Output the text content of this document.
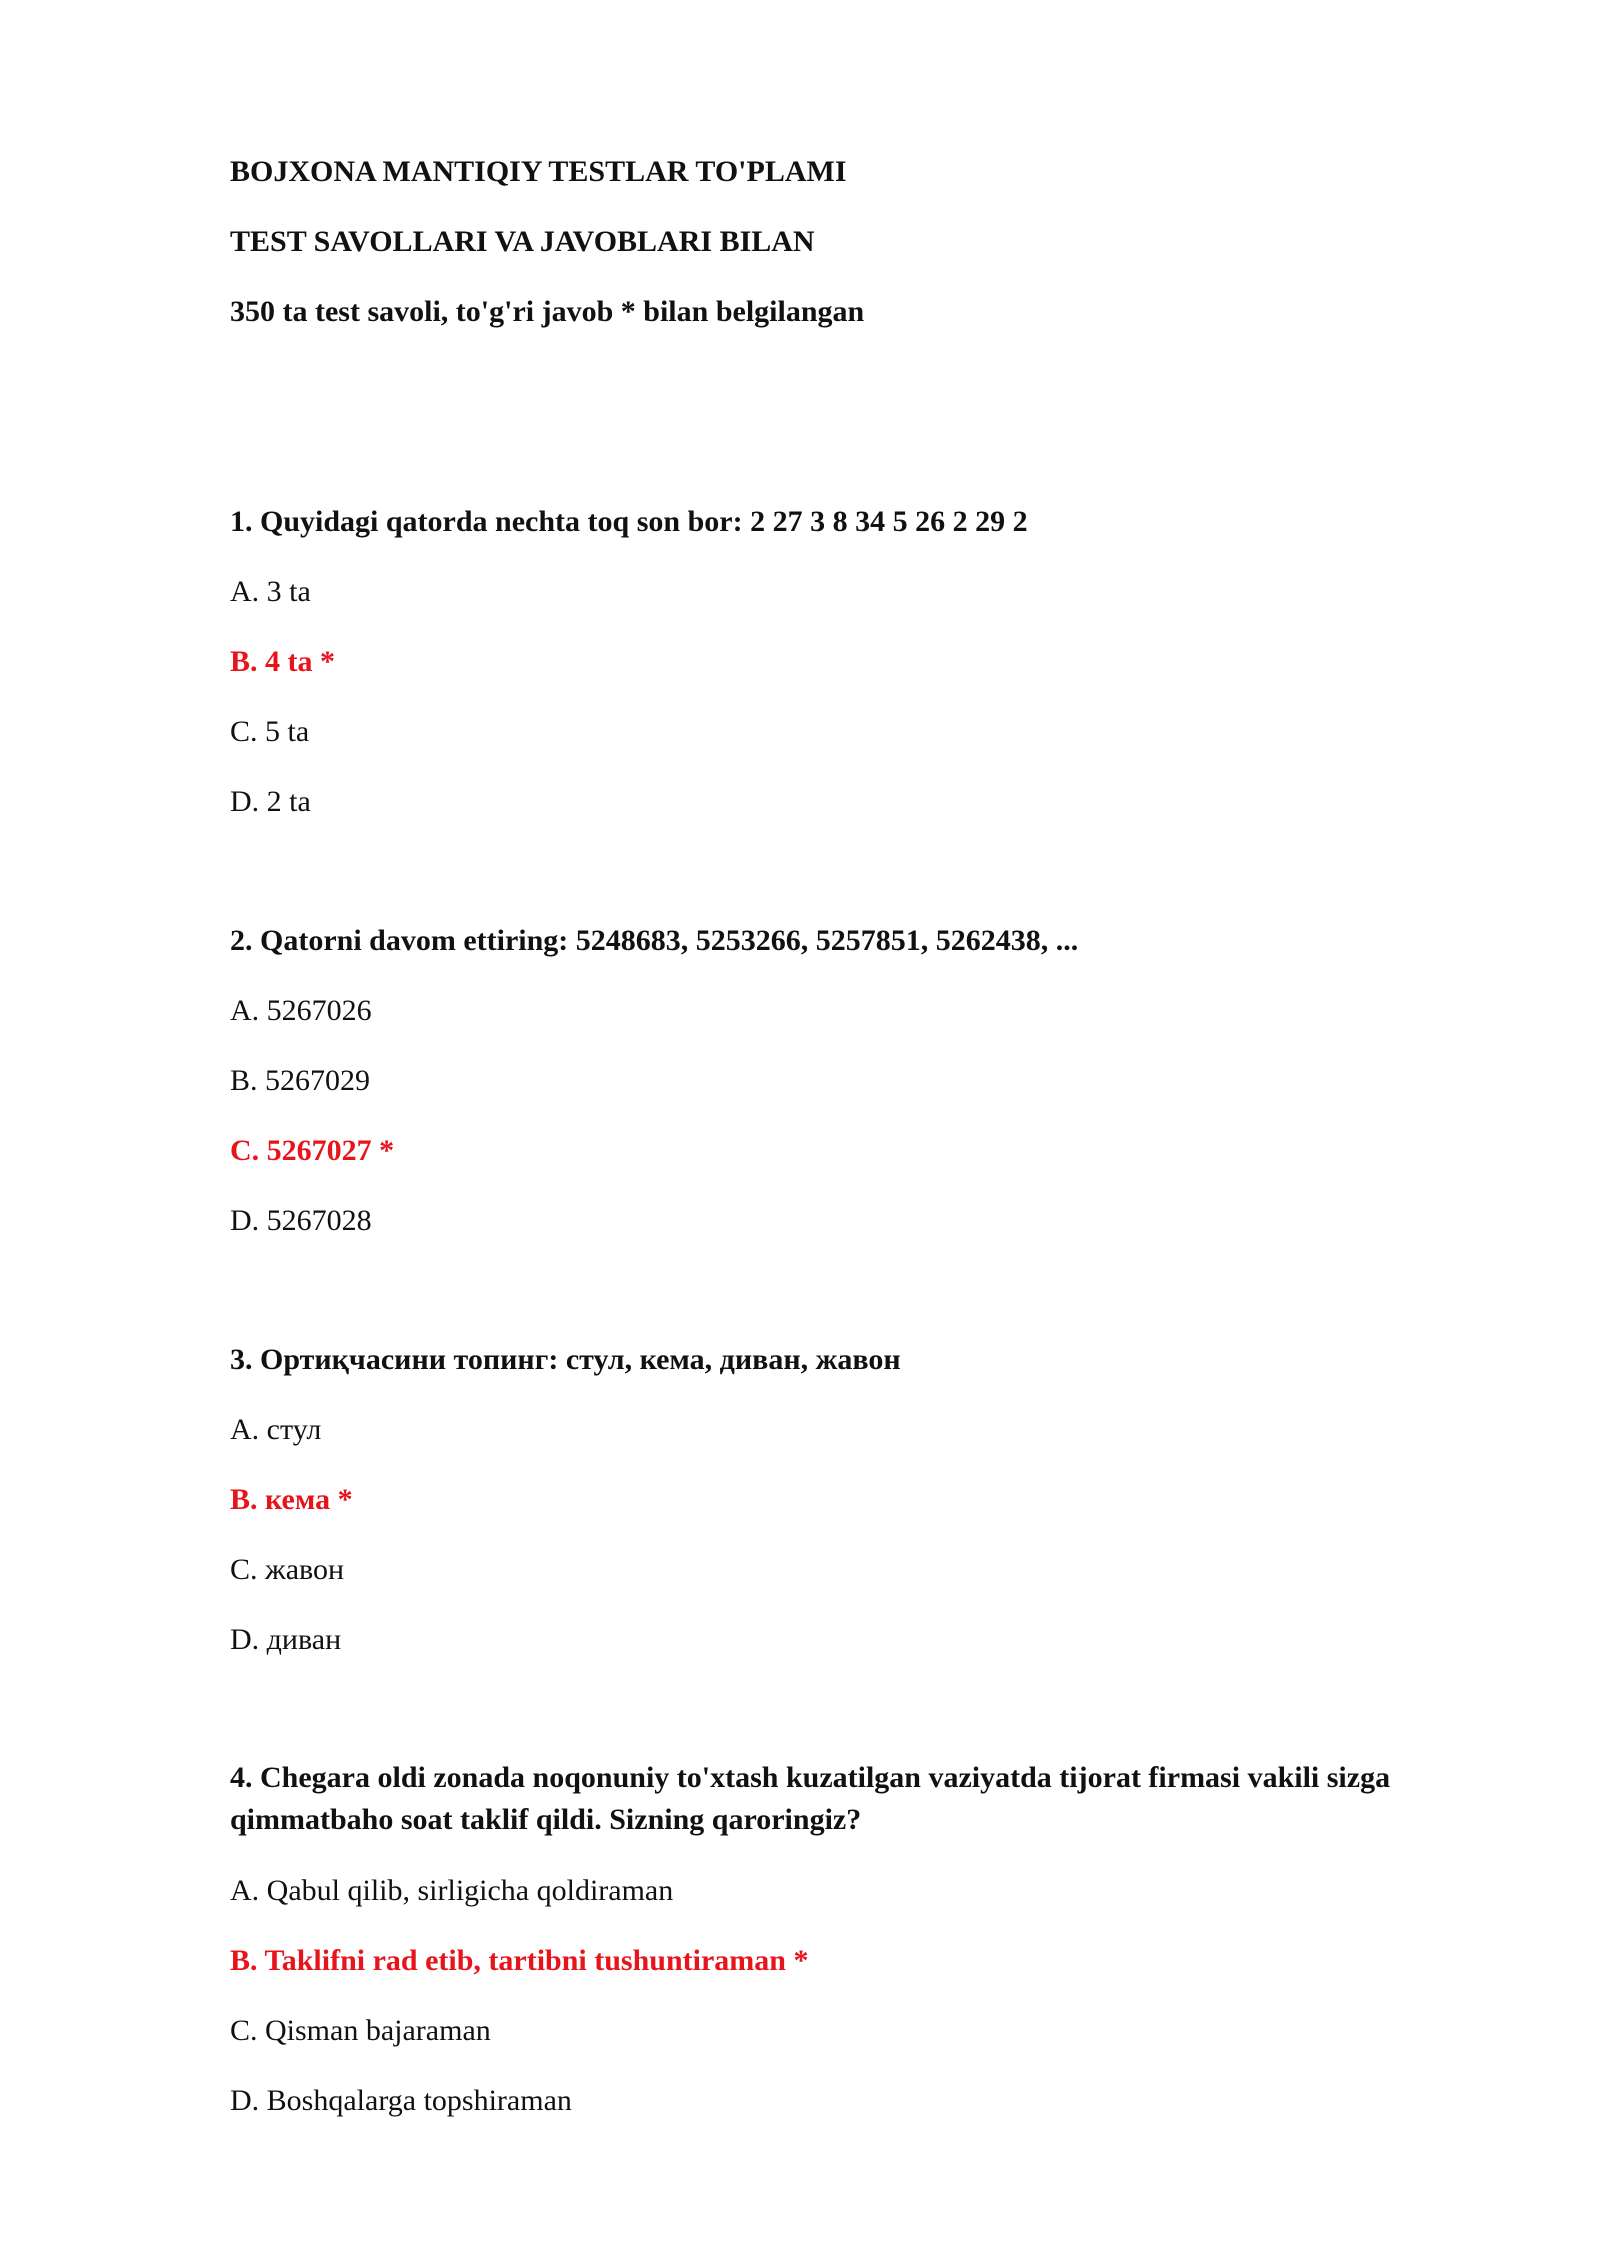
BOJXONA MANTIQIY TESTLAR TO'PLAMI
TEST SAVOLLARI VA JAVOBLARI BILAN
350 ta test savoli, to'g'ri javob * bilan belgilangan
1. Quyidagi qatorda nechta toq son bor: 2 27 3 8 34 5 26 2 29 2
A. 3 ta
B. 4 ta *
C. 5 ta
D. 2 ta
2. Qatorni davom ettiring: 5248683, 5253266, 5257851, 5262438, ...
A. 5267026
B. 5267029
C. 5267027 *
D. 5267028
3. Ортиқчасини топинг: стул, кема, диван, жавон
A. стул
B. кема *
C. жавон
D. диван
4. Chegara oldi zonada noqonuniy to'xtash kuzatilgan vaziyatda tijorat firmasi vakili sizga qimmatbaho soat taklif qildi. Sizning qaroringiz?
A. Qabul qilib, sirligicha qoldiraman
B. Taklifni rad etib, tartibni tushuntiraman *
C. Qisman bajaraman
D. Boshqalarga topshiraman
